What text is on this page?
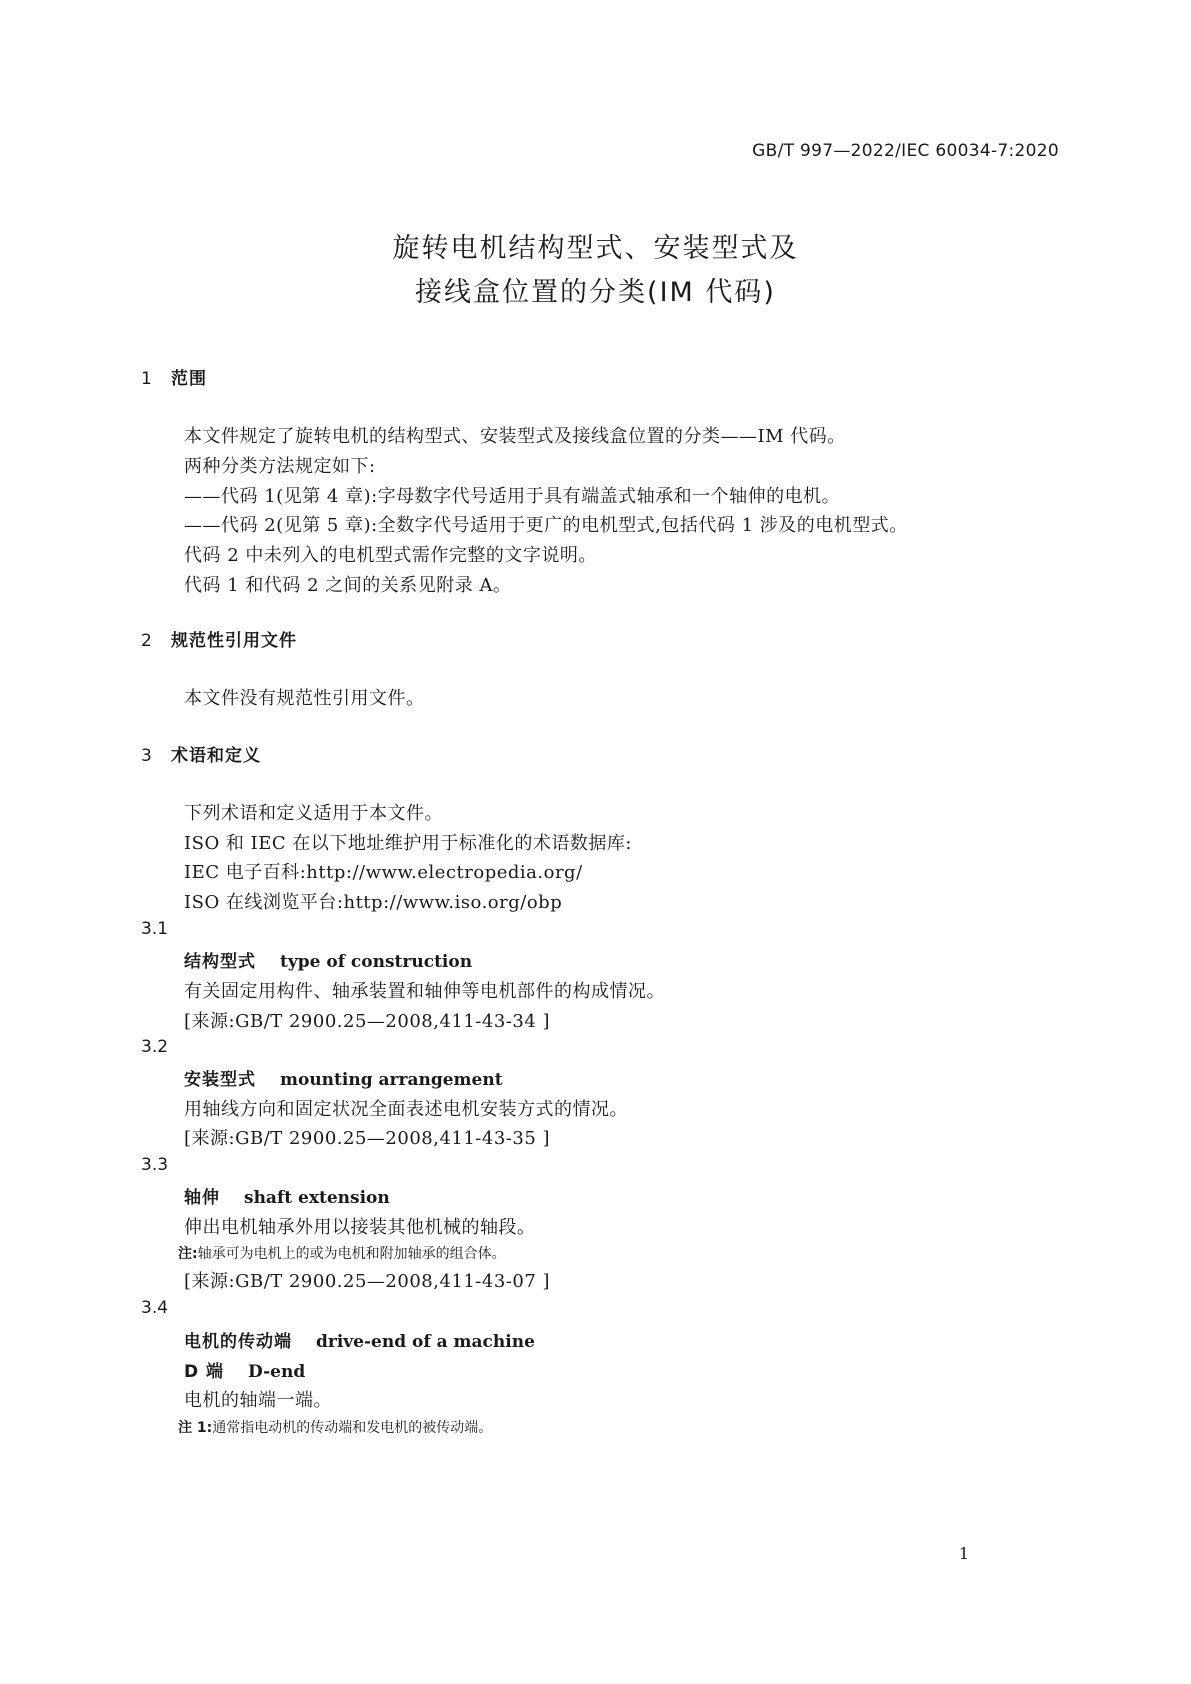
GB/T 997—2022/IEC 60034-7:2020
旋转电机结构型式、安装型式及
接线盒位置的分类(IM 代码)
1 范围
本文件规定了旋转电机的结构型式、安装型式及接线盒位置的分类——IM 代码。
两种分类方法规定如下:
——代码 1(见第 4 章):字母数字代号适用于具有端盖式轴承和一个轴伸的电机。
——代码 2(见第 5 章):全数字代号适用于更广的电机型式,包括代码 1 涉及的电机型式。
代码 2 中未列入的电机型式需作完整的文字说明。
代码 1 和代码 2 之间的关系见附录 A。
2 规范性引用文件
本文件没有规范性引用文件。
3 术语和定义
下列术语和定义适用于本文件。
ISO 和 IEC 在以下地址维护用于标准化的术语数据库:
IEC 电子百科:http://www.electropedia.org/
ISO 在线浏览平台:http://www.iso.org/obp
3.1
结构型式 type of construction
有关固定用构件、轴承装置和轴伸等电机部件的构成情况。
[来源:GB/T 2900.25—2008,411-43-34 ]
3.2
安装型式 mounting arrangement
用轴线方向和固定状况全面表述电机安装方式的情况。
[来源:GB/T 2900.25—2008,411-43-35 ]
3.3
轴伸 shaft extension
伸出电机轴承外用以接装其他机械的轴段。
注:轴承可为电机上的或为电机和附加轴承的组合体。
[来源:GB/T 2900.25—2008,411-43-07 ]
3.4
电机的传动端 drive-end of a machine
D 端 D-end
电机的轴端一端。
注 1:通常指电动机的传动端和发电机的被传动端。
1
